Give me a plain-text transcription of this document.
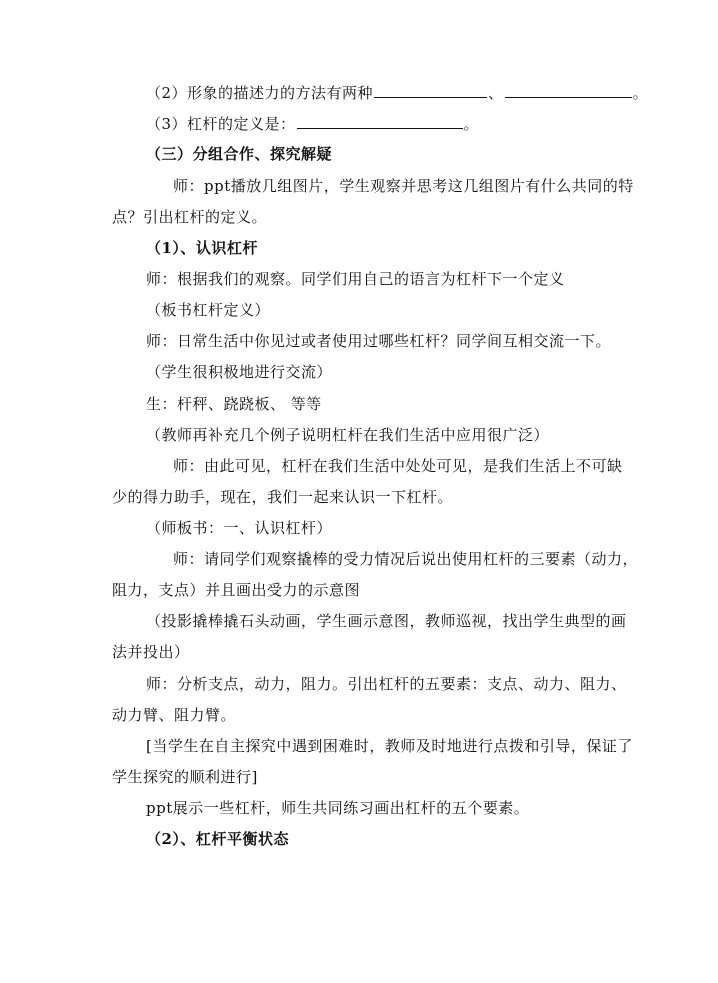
（2）形象的描述力的方法有两种	、	。
（3）杠杆的定义是：	。
（三）分组合作、探究解疑
师：ppt播放几组图片，学生观察并思考这几组图片有什么共同的特
点？引出杠杆的定义。
（1）、认识杠杆
师：根据我们的观察。同学们用自己的语言为杠杆下一个定义
（板书杠杆定义）
师：日常生活中你见过或者使用过哪些杠杆？同学间互相交流一下。
（学生很积极地进行交流）
生：杆秤、跷跷板、 等等
（教师再补充几个例子说明杠杆在我们生活中应用很广泛）
师：由此可见，杠杆在我们生活中处处可见，是我们生活上不可缺
少的得力助手，现在，我们一起来认识一下杠杆。
（师板书：一、认识杠杆）
师：请同学们观察撬棒的受力情况后说出使用杠杆的三要素（动力，
阻力，支点）并且画出受力的示意图
（投影撬棒撬石头动画，学生画示意图，教师巡视，找出学生典型的画
法并投出）
师：分析支点，动力，阻力。引出杠杆的五要素：支点、动力、阻力、
动力臂、阻力臂。
[当学生在自主探究中遇到困难时，教师及时地进行点拨和引导，保证了
学生探究的顺利进行]
ppt展示一些杠杆，师生共同练习画出杠杆的五个要素。
（2）、杠杆平衡状态
